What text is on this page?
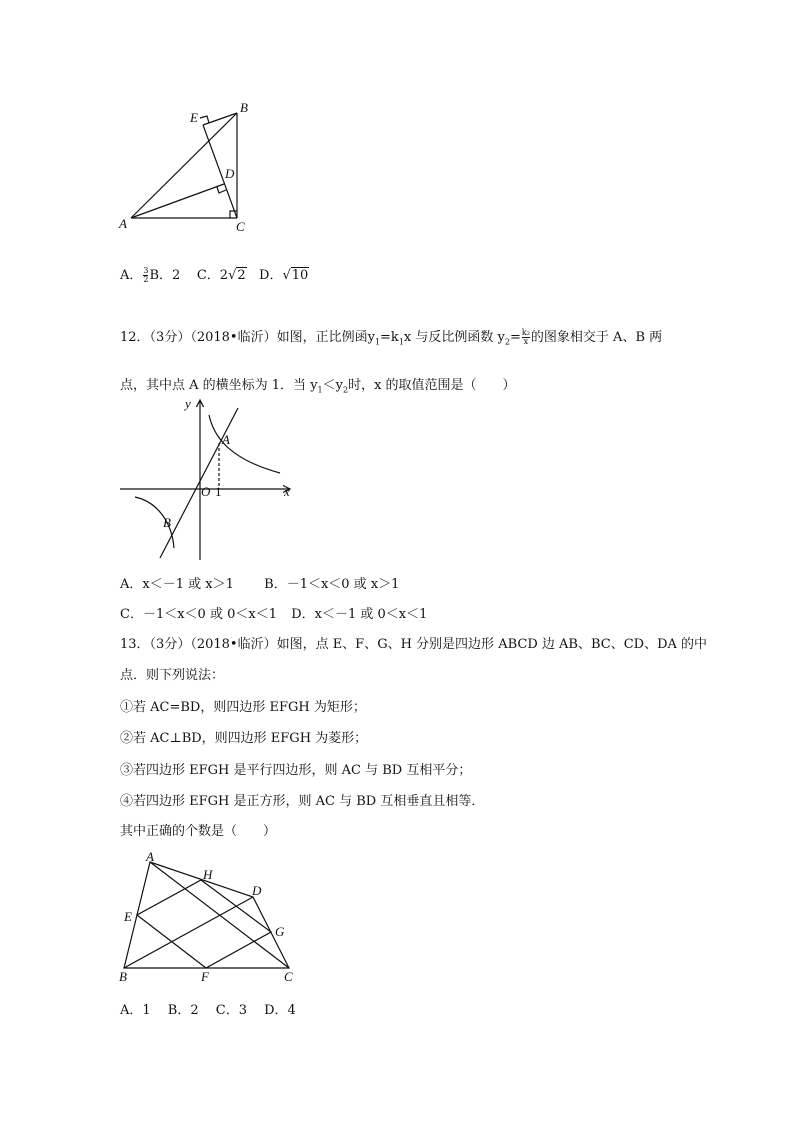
B
E
D
A	C
A． $\frac{3}{2}$ B．2 C．2√2 D．√10
12．（3分）（2018•临沂）如图，正比例函$y_1=k_1x$ 与反比例函数 $y_2= \frac{\text{k₂}}{x}$ 的图象相交于 A、B 两
点，其中点 A 的横坐标为 1．当 $y_1<y_2$时，x 的取值范围是（　　）
y
x
O 1
A
B
A．x＜－1 或 x＞1 B．－1＜x＜0 或 x＞1
C．－1＜x＜0 或 0＜x＜1 D．x＜－1 或 0＜x＜1
13．（3分）（2018•临沂）如图，点 E、F、G、H 分别是四边形 ABCD 边 AB、BC、CD、DA 的中
点．则下列说法：
①若 AC=BD，则四边形 EFGH 为矩形；
②若 AC⊥BD，则四边形 EFGH 为菱形；
③若四边形 EFGH 是平行四边形，则 AC 与 BD 互相平分；
④若四边形 EFGH 是正方形，则 AC 与 BD 互相垂直且相等．
其中正确的个数是（　　）
A
H
D
E
G
B	F	C
A．1　 B．2　 C．3　 D．4
